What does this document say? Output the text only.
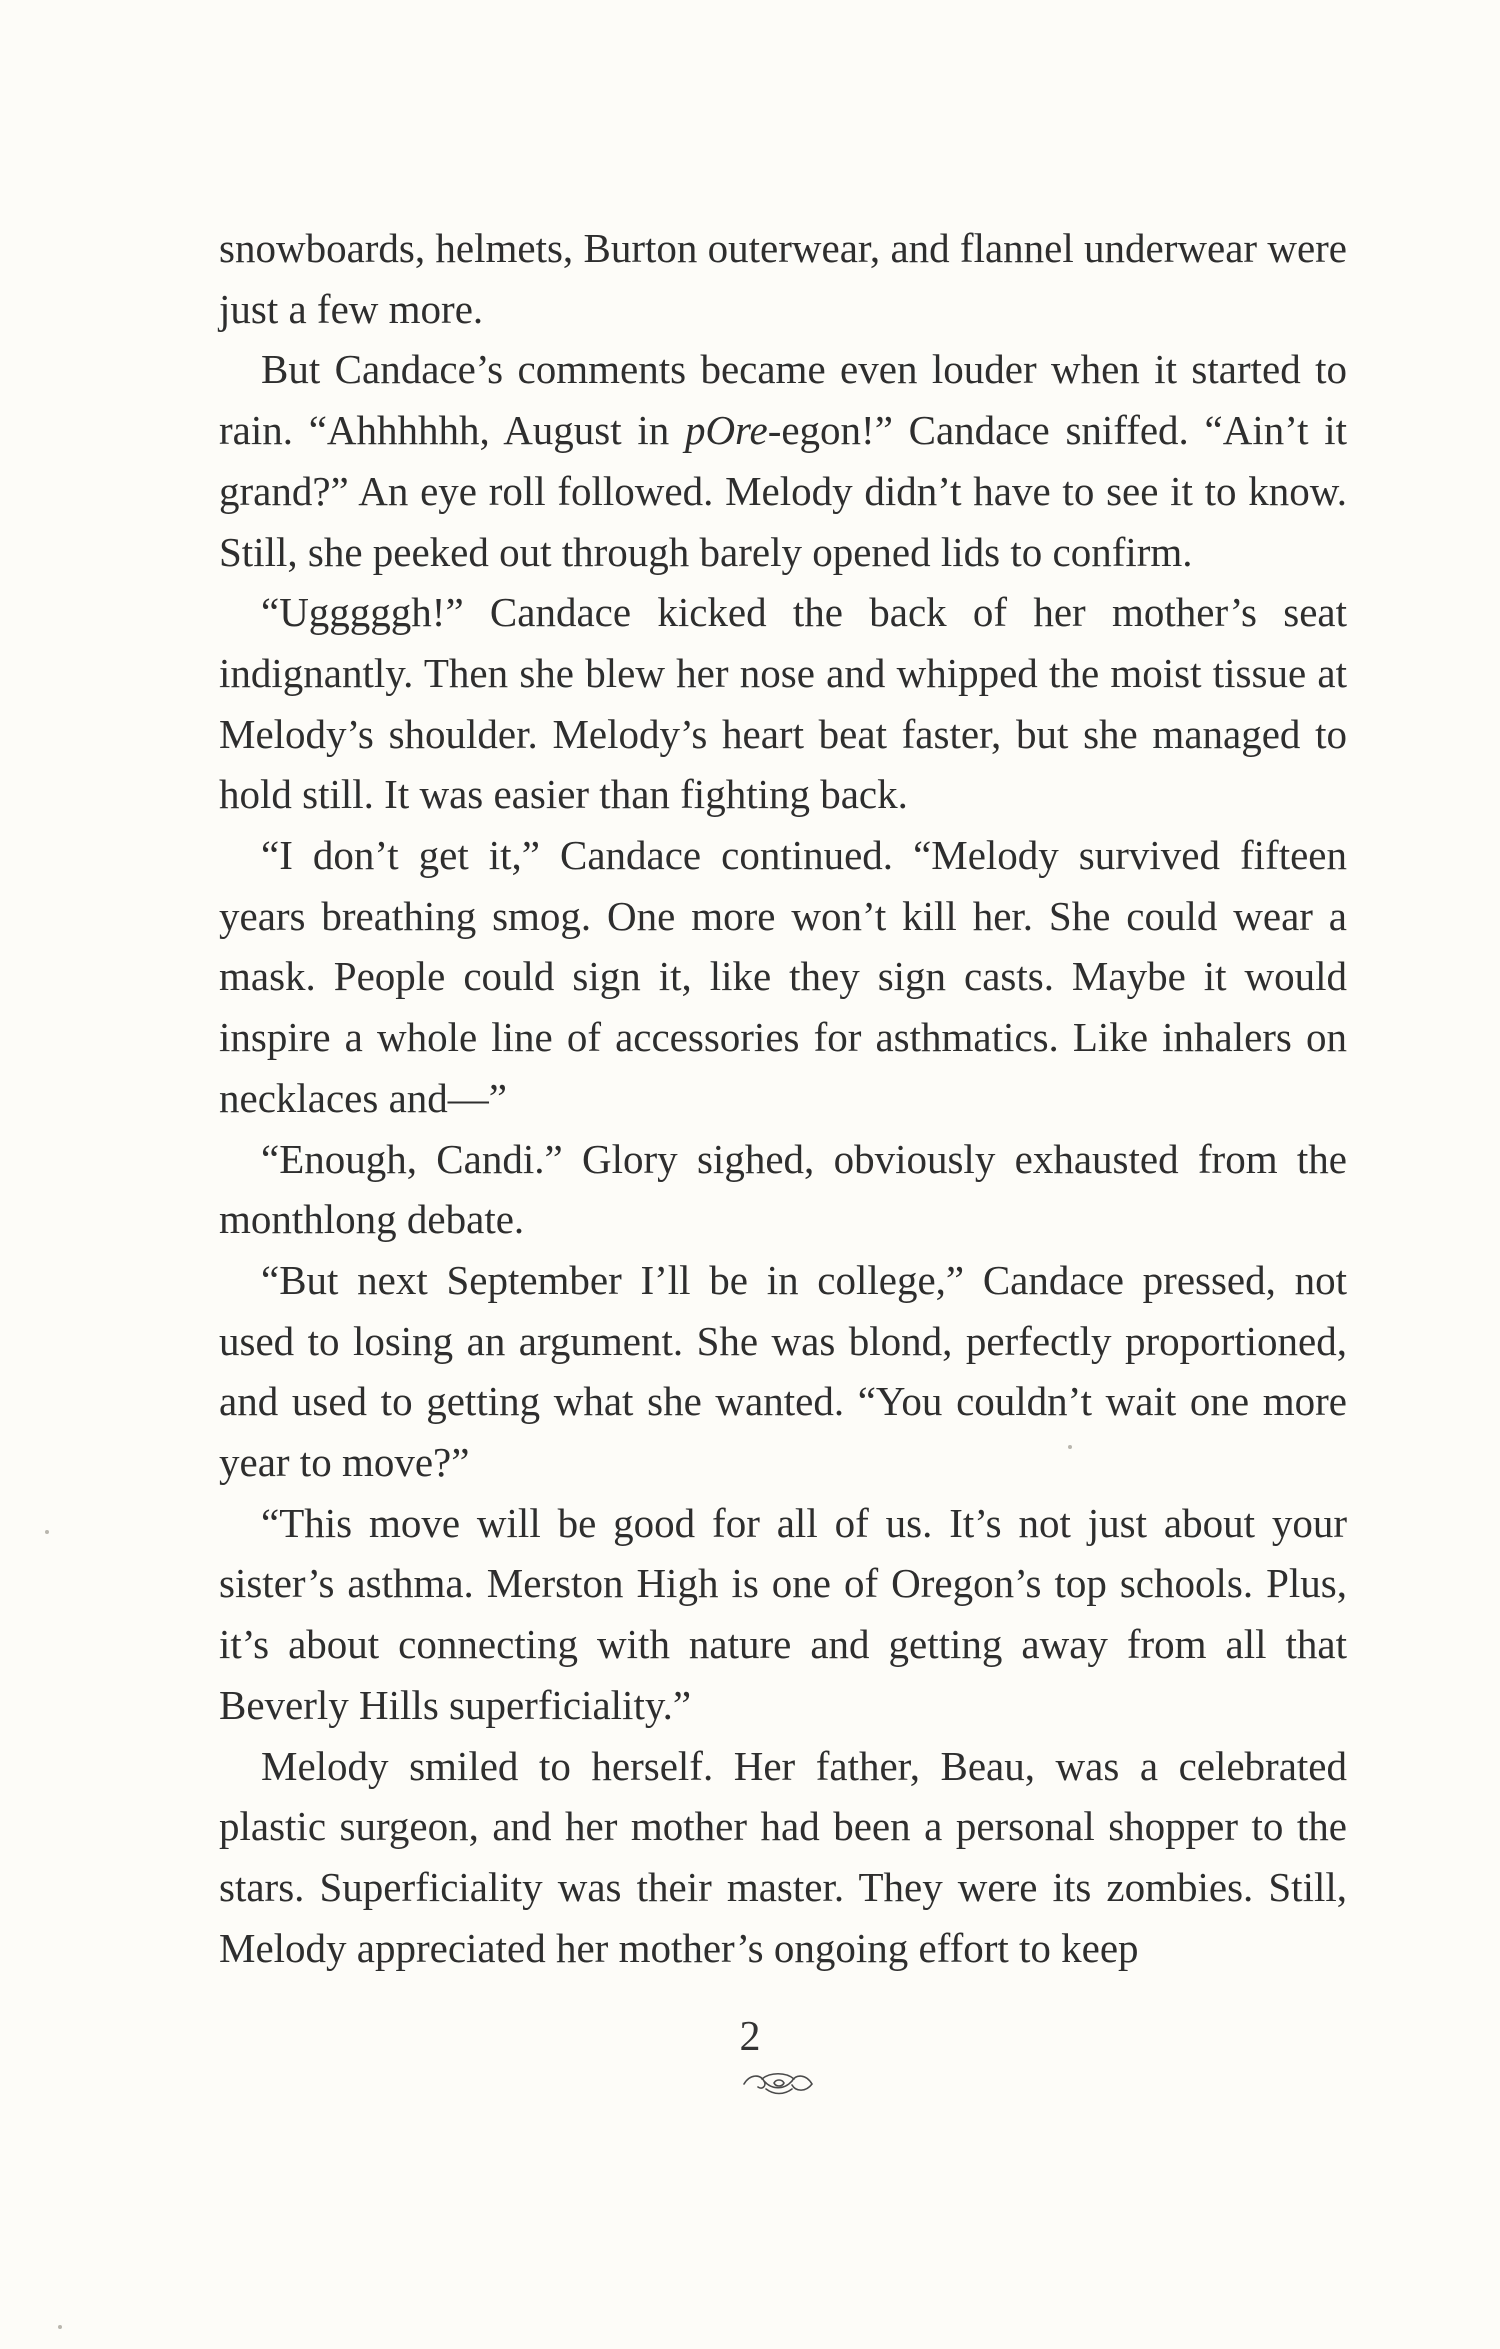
snowboards, helmets, Burton outerwear, and flannel underwear were just a few more.

But Candace’s comments became even louder when it started to rain. “Ahhhhhh, August in pOre-egon!” Candace sniffed. “Ain’t it grand?” An eye roll followed. Melody didn’t have to see it to know. Still, she peeked out through barely opened lids to confirm.

“Ugggggh!” Candace kicked the back of her mother’s seat indignantly. Then she blew her nose and whipped the moist tissue at Melody’s shoulder. Melody’s heart beat faster, but she managed to hold still. It was easier than fighting back.

“I don’t get it,” Candace continued. “Melody survived fifteen years breathing smog. One more won’t kill her. She could wear a mask. People could sign it, like they sign casts. Maybe it would inspire a whole line of accessories for asthmatics. Like inhalers on necklaces and—”

“Enough, Candi.” Glory sighed, obviously exhausted from the monthlong debate.

“But next September I’ll be in college,” Candace pressed, not used to losing an argument. She was blond, perfectly proportioned, and used to getting what she wanted. “You couldn’t wait one more year to move?”

“This move will be good for all of us. It’s not just about your sister’s asthma. Merston High is one of Oregon’s top schools. Plus, it’s about connecting with nature and getting away from all that Beverly Hills superficiality.”

Melody smiled to herself. Her father, Beau, was a celebrated plastic surgeon, and her mother had been a personal shopper to the stars. Superficiality was their master. They were its zombies. Still, Melody appreciated her mother’s ongoing effort to keep

2
